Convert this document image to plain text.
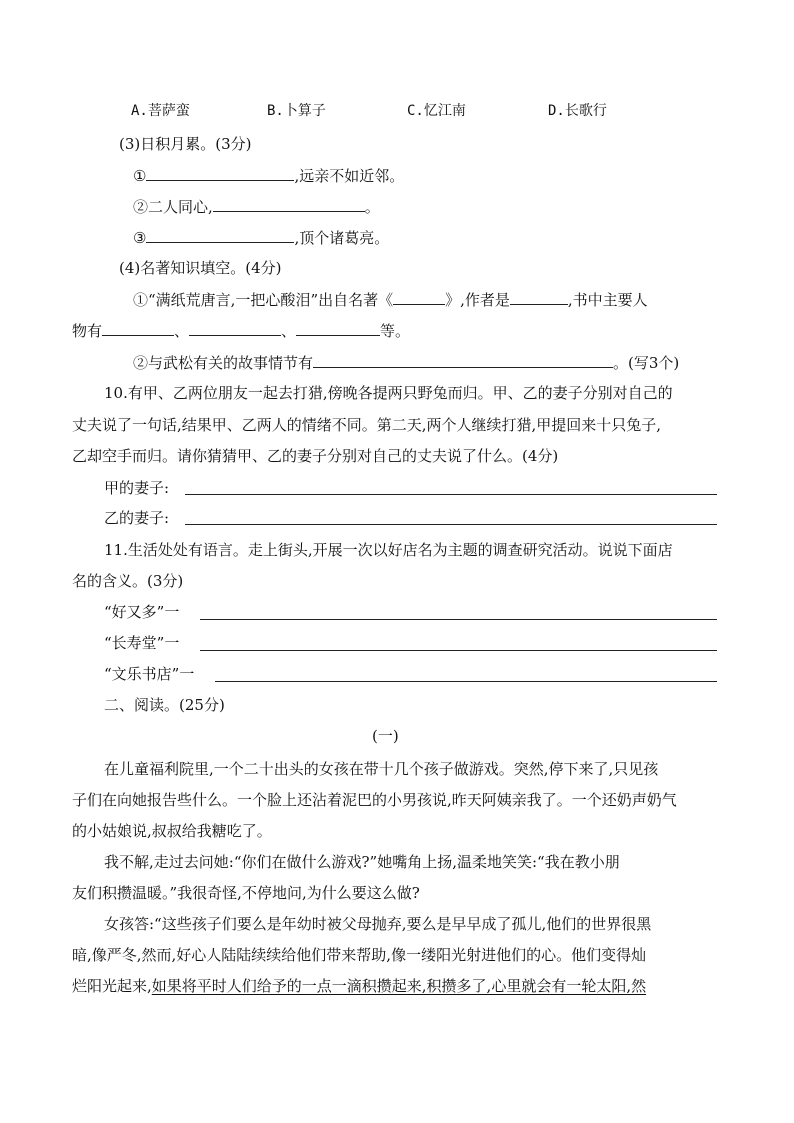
A.菩萨蛮	B.卜算子	C.忆江南	D.长歌行
(3)日积月累。(3分)
①	,远亲不如近邻。
②二人同心,	。
③	,顶个诸葛亮。
(4)名著知识填空。(4分)
①“满纸荒唐言,一把心酸泪”出自名著《	》,作者是	,书中主要人
物有	、	、	等。
②与武松有关的故事情节有	。(写3个)
10.有甲、乙两位朋友一起去打猎,傍晚各提两只野兔而归。甲、乙的妻子分别对自己的
丈夫说了一句话,结果甲、乙两人的情绪不同。第二天,两个人继续打猎,甲提回来十只兔子,
乙却空手而归。请你猜猜甲、乙的妻子分别对自己的丈夫说了什么。(4分)
甲的妻子:
乙的妻子:
11.生活处处有语言。走上街头,开展一次以好店名为主题的调查研究活动。说说下面店
名的含义。(3分)
“好又多”一
“长寿堂”一
“文乐书店”一
二、阅读。(25分)
(一)
在儿童福利院里,一个二十出头的女孩在带十几个孩子做游戏。突然,停下来了,只见孩
子们在向她报告些什么。一个脸上还沾着泥巴的小男孩说,昨天阿姨亲我了。一个还奶声奶气
的小姑娘说,叔叔给我糖吃了。
我不解,走过去问她:“你们在做什么游戏?”她嘴角上扬,温柔地笑笑:“我在教小朋
友们积攒温暖。”我很奇怪,不停地问,为什么要这么做?
女孩答:“这些孩子们要么是年幼时被父母抛弃,要么是早早成了孤儿,他们的世界很黑
暗,像严冬,然而,好心人陆陆续续给他们带来帮助,像一缕阳光射进他们的心。他们变得灿
烂阳光起来,如果将平时人们给予的一点一滴积攒起来,积攒多了,心里就会有一轮太阳,然
